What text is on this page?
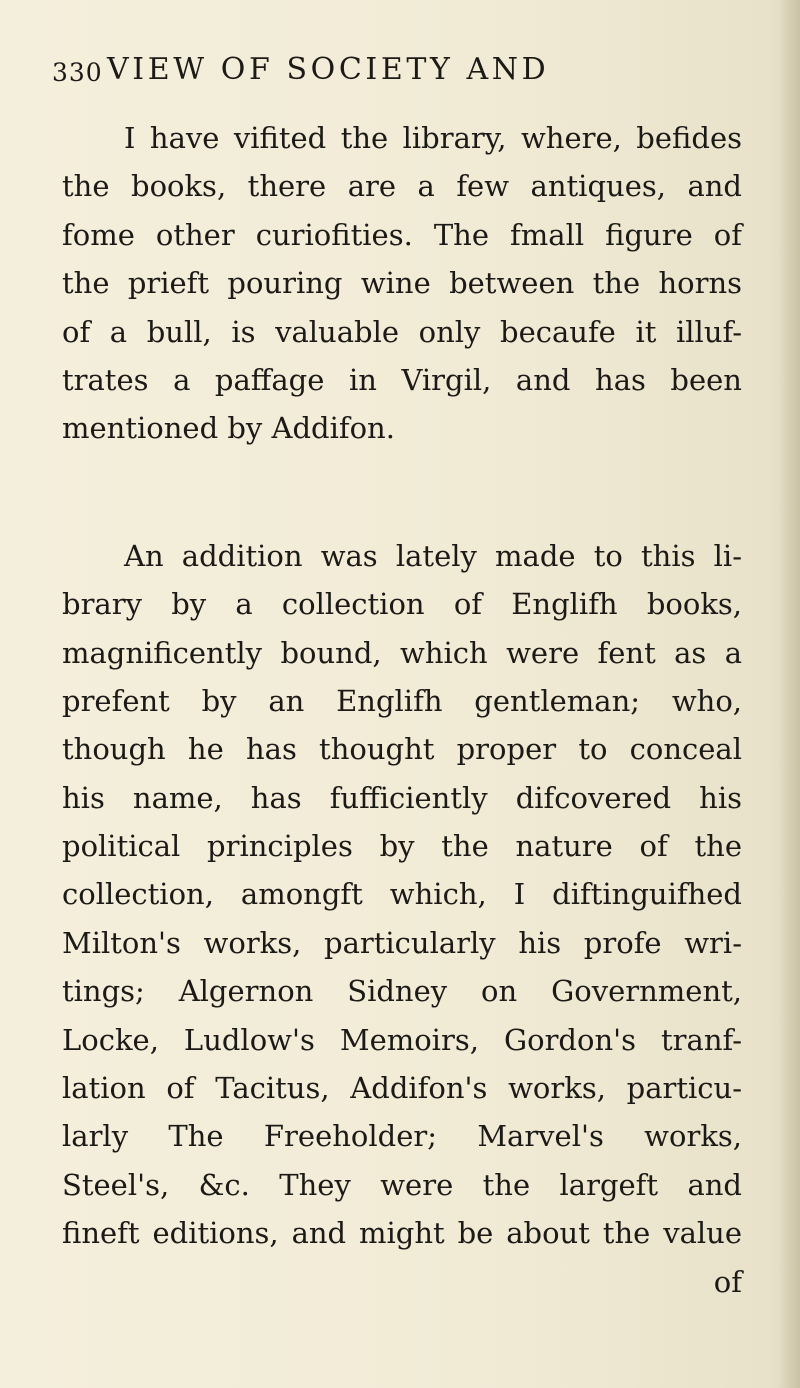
330 VIEW OF SOCIETY AND
I have vifited the library, where, befides
the books, there are a few antiques, and
fome other curiofities. The fmall figure of
the prieft pouring wine between the horns
of a bull, is valuable only becaufe it illuf-
trates a paffage in Virgil, and has been
mentioned by Addifon.
An addition was lately made to this li-
brary by a collection of Englifh books,
magnificently bound, which were fent as a
prefent by an Englifh gentleman; who,
though he has thought proper to conceal
his name, has fufficiently difcovered his
political principles by the nature of the
collection, amongft which, I diftinguifhed
Milton's works, particularly his profe wri-
tings; Algernon Sidney on Government,
Locke, Ludlow's Memoirs, Gordon's tranf-
lation of Tacitus, Addifon's works, particu-
larly The Freeholder; Marvel's works,
Steel's, &c. They were the largeft and
fineft editions, and might be about the value
of
